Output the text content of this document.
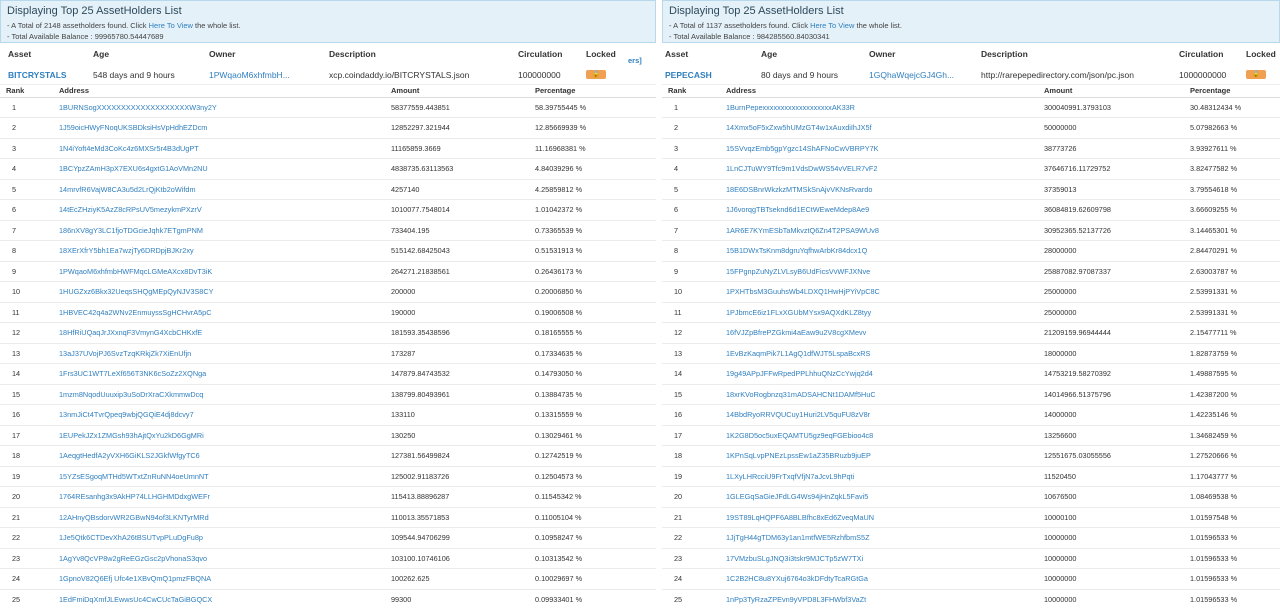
Displaying Top 25 AssetHolders List
- A Total of 2148 assetholders found. Click Here To View the whole list.
- Total Available Balance : 99965780.54447689
Asset	Age	Owner	Description	Circulation	Locked
ers]
BITCRYSTALS	548 days and 9 hours	1PWqaoM6xhfmbH...	xcp.coindaddy.io/BITCRYSTALS.json	100000000	🔒
Rank	Address	Amount	Percentage
1	1BURNSogXXXXXXXXXXXXXXXXXXXW3ny2Y	58377559.443851	58.39755445 %
2	1J59oicHWyFNoqUKSBDksiHsVpHdhEZDcm	12852297.321944	12.85669939 %
3	1N4iYoft4eMd3CoKc4z6MXSr5r4B3dUgPT	11165859.3669	11.16968381 %
4	1BCYpzZAmH3pX7EXU6s4gxtG1AoVMn2NU	4838735.63113563	4.84039296 %
5	14mrvfR6VajW8CA3u5d2LrQjKtb2oWifdm	4257140	4.25859812 %
6	14tEcZHziyK5AzZ8cRPsUV5mezykmPXzrV	1010077.7548014	1.01042372 %
7	186nXV8gY3LC1fjoTDGcieJqhk7ETgmPNM	733404.195	0.73365539 %
8	18XErXfrY5bh1Ea7wzjTy6DRDpjBJKr2xy	515142.68425043	0.51531913 %
9	1PWqaoM6xhfmbHWFMqcLGMeAXcx8DvT3iK	264271.21838561	0.26436173 %
10	1HUGZxz6Bkx32UeqsSHQgMEpQyNJV3S8CY	200000	0.20006850 %
11	1HBVEC42q4a2WNv2EnmuyssSgHCHvrA5pC	190000	0.19006508 %
12	18HfRiUQaqJrJXxnqF3VmynG4XcbCHKxfE	181593.35438596	0.18165555 %
13	13aJ37UVojPJ6SvzTzqKRkjZk7XiEnUfjn	173287	0.17334635 %
14	1Frs3UC1WT7LeXf656T3NK6cSoZz2XQNga	147879.84743532	0.14793050 %
15	1mzm8NqodUuuxip3uSoDrXraCXkmmwDcq	138799.80493961	0.13884735 %
16	13nmJiCt4TvrQpeq9wbjQGQiE4dj8dcvy7	133110	0.13315559 %
17	1EUPekJZx1ZMGsh93hAjtQxYu2kD6GgMRi	130250	0.13029461 %
18	1AeqgtHedfA2yVXH6GiKLS2JGkfWfgyTC6	127381.56499824	0.12742519 %
19	15YZsESgoqMTHd5WTxtZnRuNN4oeUmnNT	125002.91183726	0.12504573 %
20	1764REsanhg3x9AkHP74LLHGHMDdxgWEFr	115413.88896287	0.11545342 %
21	12AHnyQBsdorvWR2GBwN94of3LKNTyrMRd	110013.35571853	0.11005104 %
22	1Je5Qtk6CTDevXhA26tBSUTvpPLuDgFu8p	109544.94706299	0.10958247 %
23	1AgYv8QcVP8w2gReEGzGsc2pVhonaS3qvo	103100.10746106	0.10313542 %
24	1GpnoV82Q6Efj Ufc4e1XBvQmQ1pmzFBQNA	100262.625	0.10029697 %
25	1EdFmiDqXmfJLEwwsUc4CwCUcTaGiBGQCX	99300	0.09933401 %
Displaying Top 25 AssetHolders List
- A Total of 1137 assetholders found. Click Here To View the whole list.
- Total Available Balance : 984285560.84030341
Asset	Age	Owner	Description	Circulation	Locked
PEPECASH	80 days and 9 hours	1GQhaWqejcGJ4Gh...	http://rarepepedirectory.com/json/pc.json	1000000000	🔒
Rank	Address	Amount	Percentage
1	1BurnPepexxxxxxxxxxxxxxxxxxxAK33R	300040991.3793103	30.48312434 %
2	14Xmx5oF5xZxw5hUMzGT4w1xAuxdiIhJX5f	50000000	5.07982663 %
3	15SVvqzEmb5gpYgzc14ShAFNoCwVBRPY7K	38773726	3.93927611 %
4	1LnCJTuWY9Tfc9m1VdsDwWS54vVELR7vF2	37646716.11729752	3.82477582 %
5	18E6DSBnrWkzkzMTMSkSnAjvVKNsRvardo	37359013	3.79554618 %
6	1J6vorqgTBTseknd6d1ECtWEweMdep8Ae9	36084819.62609798	3.66609255 %
7	1AR6E7KYmESbTaMkvztQ6Zn4T2PSA9WUv8	30952365.52137726	3.14465301 %
8	15B1DWxTsKnm8dgruYqfhwArbKr84dcx1Q	28000000	2.84470291 %
9	15FPgnpZuNyZLVLsyB6UdFicsVvWFJXNve	25887082.97087337	2.63003787 %
10	1PXHTbsM3GuuhsWb4LDXQ1HwHjPYiVpC8C	25000000	2.53991331 %
11	1PJbmcE6iz1FLxXGUbMYsx9AQXdKLZ8tyy	25000000	2.53991331 %
12	16fVJZpBfrePZGkmi4aEaw9u2V8cgXMevv	21209159.96944444	2.15477711 %
13	1EvBzKaqmPik7L1AgQ1dfWJT5LspaBcxRS	18000000	1.82873759 %
14	19g49APpJFFwRpedPPLhhuQNzCcYwjq2d4	14753219.58270392	1.49887595 %
15	18xrKVoRogbnzq31mADSAHCNt1DAMf5HuC	14014966.51375796	1.42387200 %
16	14BbdRyoRRVQUCuy1Huri2LV5quFU8zV8r	14000000	1.42235146 %
17	1K2G8D5oc5uxEQAMTU5gz9eqFGEbioo4c8	13256600	1.34682459 %
18	1KPnSqLvpPNEzLpssEw1aZ35BRuzb9juEP	12551675.03055556	1.27520666 %
19	1LXyLHRcciU9FrTxqfVfjN7aJcvL9hPqti	11520450	1.17043777 %
20	1GLEGqSaGieJFdLG4Ws94jHnZqkL5Favi5	10676500	1.08469538 %
21	19ST89LqHQPF6A8BLBfhc8xEd6ZveqMaUN	10000100	1.01597548 %
22	1JjTgH44gTDM63y1an1mtfWE5RzhfbmS5Z	10000000	1.01596533 %
23	17VMzbuSLgJNQ3i3tskr9MJCTp5zW7TXi	10000000	1.01596533 %
24	1C2B2HC8u8YXuj6764o3kDFdtyTcaRGtGa	10000000	1.01596533 %
25	1nPp3TyRzaZPEvn9yVPD8L3FHWbf3VaZt	10000000	1.01596533 %
